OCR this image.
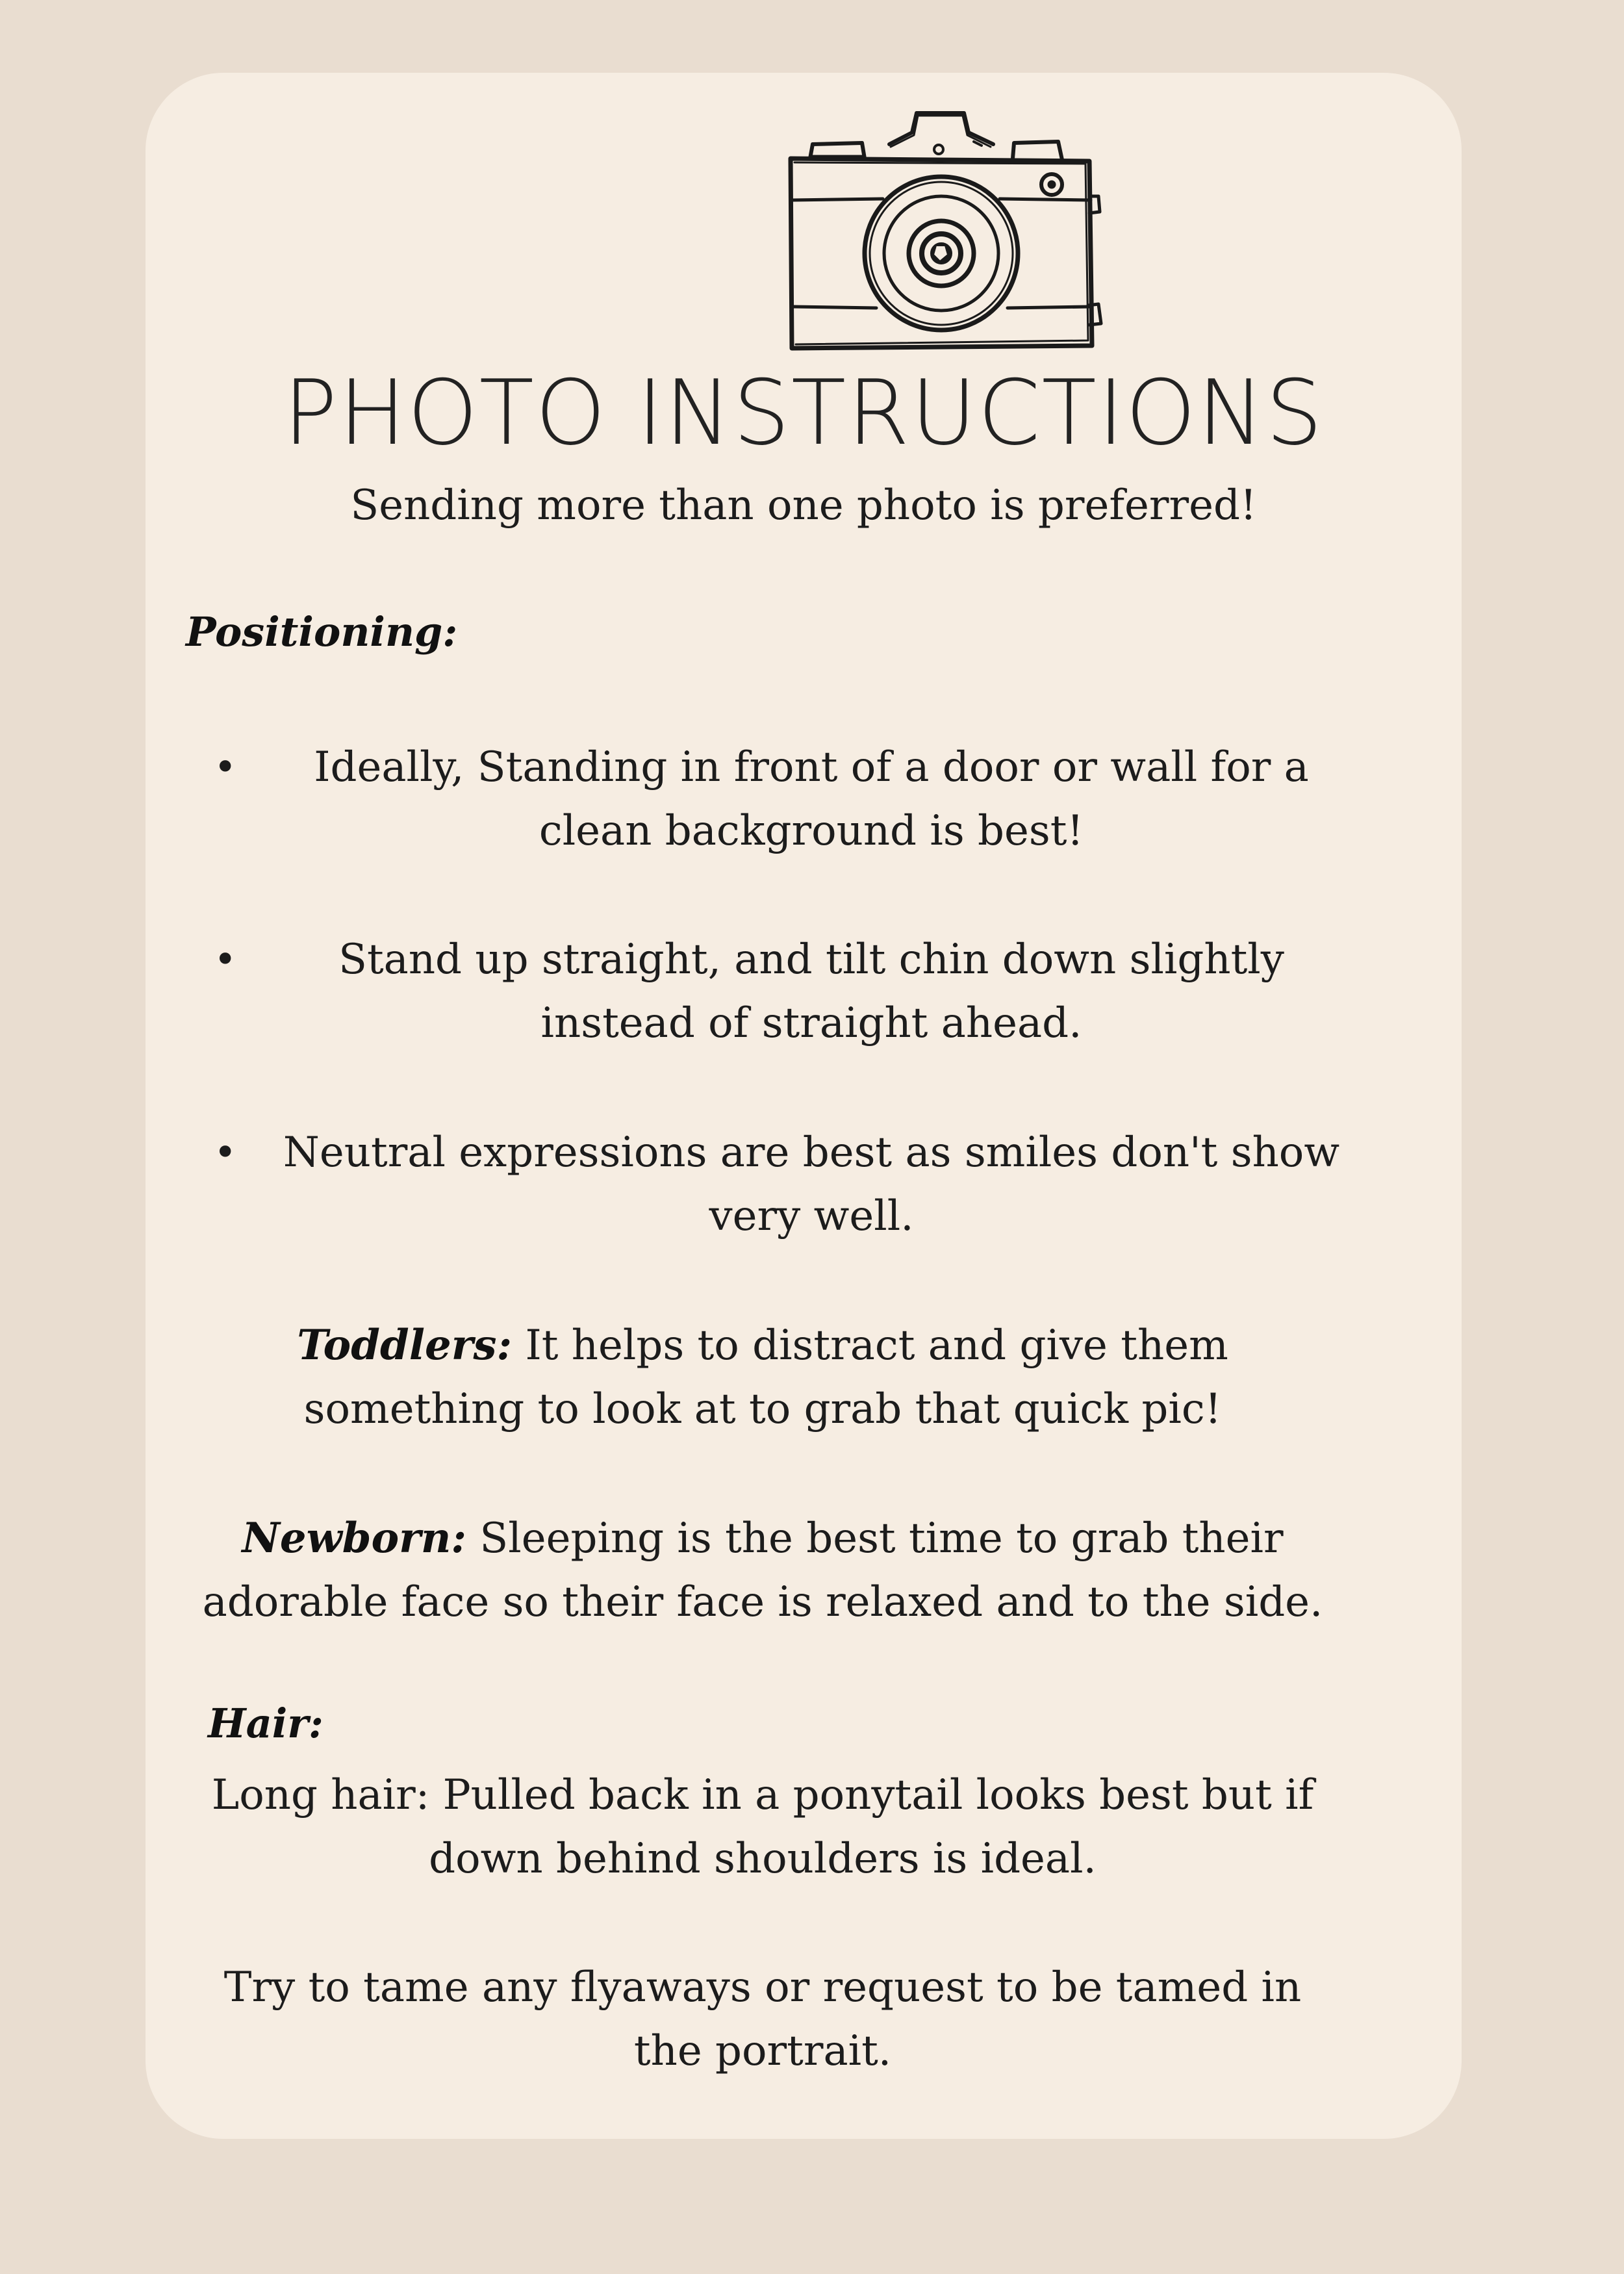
PHOTO INSTRUCTIONS
Sending more than one photo is preferred!
Positioning:
•	Ideally, Standing in front of a door or wall for a clean background is best!
•	Stand up straight, and tilt chin down slightly instead of straight ahead.
• Neutral expressions are best as smiles don't show very well.
Toddlers: It helps to distract and give them something to look at to grab that quick pic!
Newborn: Sleeping is the best time to grab their adorable face so their face is relaxed and to the side.
Hair:
Long hair: Pulled back in a ponytail looks best but if down behind shoulders is ideal.
Try to tame any flyaways or request to be tamed in the portrait.
